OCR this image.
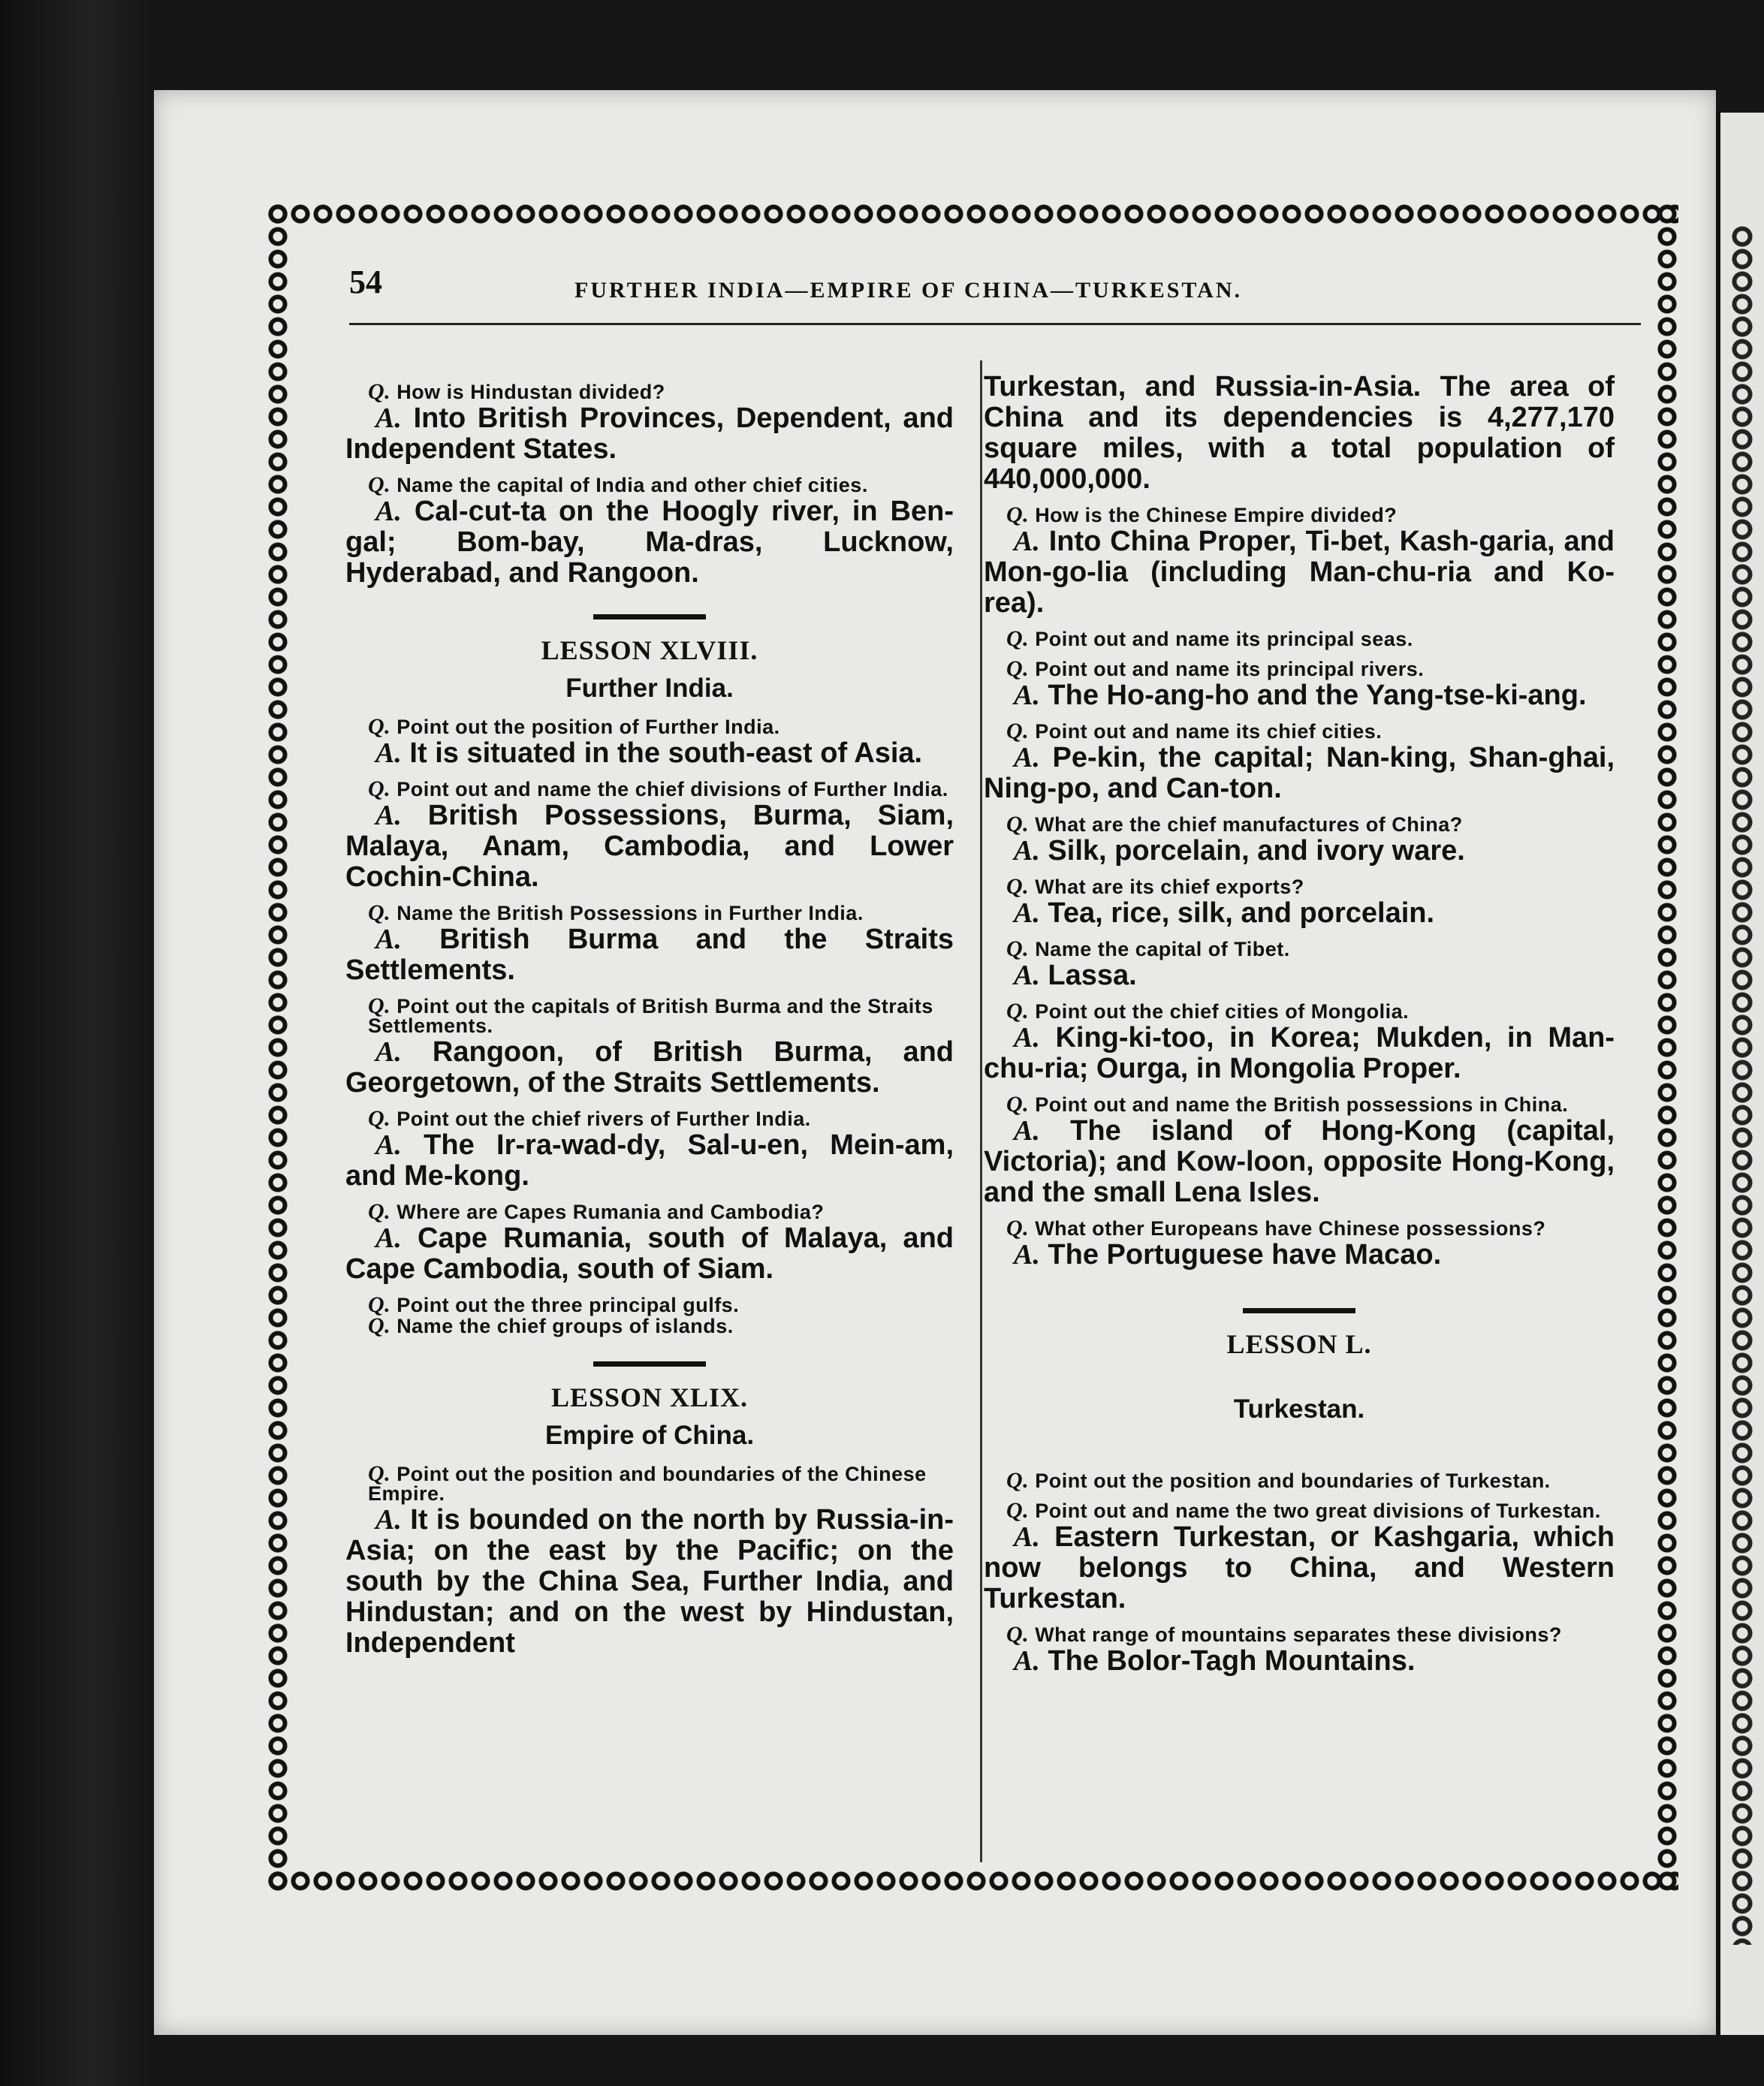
54	FURTHER INDIA—EMPIRE OF CHINA—TURKESTAN.
Q. How is Hindustan divided?
A. Into British Provinces, Dependent, and Independent States.
Q. Name the capital of India and other chief cities.
A. Cal-cut-ta on the Hoogly river, in Ben-gal; Bom-bay, Ma-dras, Lucknow, Hyderabad, and Rangoon.
LESSON XLVIII.
Further India.
Q. Point out the position of Further India.
A. It is situated in the south-east of Asia.
Q. Point out and name the chief divisions of Further India.
A. British Possessions, Burma, Siam, Malaya, Anam, Cambodia, and Lower Cochin-China.
Q. Name the British Possessions in Further India.
A. British Burma and the Straits Settlements.
Q. Point out the capitals of British Burma and the Straits Settlements.
A. Rangoon, of British Burma, and Georgetown, of the Straits Settlements.
Q. Point out the chief rivers of Further India.
A. The Ir-ra-wad-dy, Sal-u-en, Mein-am, and Me-kong.
Q. Where are Capes Rumania and Cambodia?
A. Cape Rumania, south of Malaya, and Cape Cambodia, south of Siam.
Q. Point out the three principal gulfs.
Q. Name the chief groups of islands.
LESSON XLIX.
Empire of China.
Q. Point out the position and boundaries of the Chinese Empire.
A. It is bounded on the north by Russia-in-Asia; on the east by the Pacific; on the south by the China Sea, Further India, and Hindustan; and on the west by Hindustan, Independent
Turkestan, and Russia-in-Asia. The area of China and its dependencies is 4,277,170 square miles, with a total population of 440,000,000.
Q. How is the Chinese Empire divided?
A. Into China Proper, Ti-bet, Kash-garia, and Mon-go-lia (including Man-chu-ria and Ko-rea).
Q. Point out and name its principal seas.
Q. Point out and name its principal rivers.
A. The Ho-ang-ho and the Yang-tse-ki-ang.
Q. Point out and name its chief cities.
A. Pe-kin, the capital; Nan-king, Shan-ghai, Ning-po, and Can-ton.
Q. What are the chief manufactures of China?
A. Silk, porcelain, and ivory ware.
Q. What are its chief exports?
A. Tea, rice, silk, and porcelain.
Q. Name the capital of Tibet.
A. Lassa.
Q. Point out the chief cities of Mongolia.
A. King-ki-too, in Korea; Mukden, in Man-chu-ria; Ourga, in Mongolia Proper.
Q. Point out and name the British possessions in China.
A. The island of Hong-Kong (capital, Victoria); and Kow-loon, opposite Hong-Kong, and the small Lena Isles.
Q. What other Europeans have Chinese possessions?
A. The Portuguese have Macao.
LESSON L.
Turkestan.
Q. Point out the position and boundaries of Turkestan.
Q. Point out and name the two great divisions of Turkestan.
A. Eastern Turkestan, or Kashgaria, which now belongs to China, and Western Turkestan.
Q. What range of mountains separates these divisions?
A. The Bolor-Tagh Mountains.
